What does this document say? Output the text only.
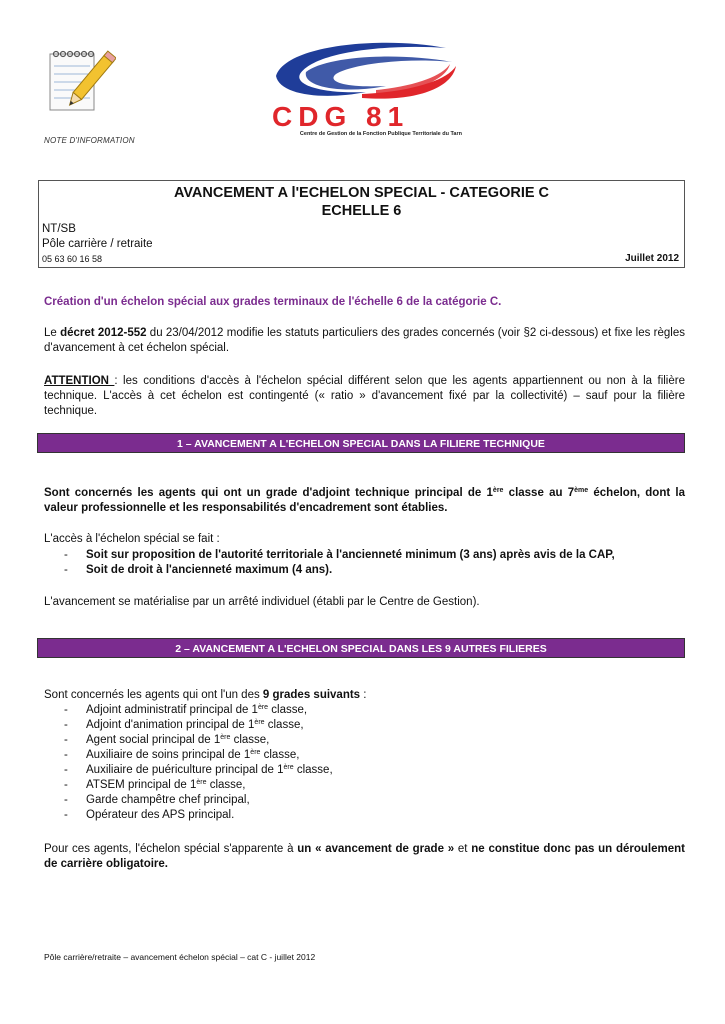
NOTE D'INFORMATION
CDG 81
Centre de Gestion de la Fonction Publique Territoriale du Tarn
AVANCEMENT A l'ECHELON SPECIAL - CATEGORIE C
ECHELLE 6
NT/SB
Pôle carrière / retraite
05 63 60 16 58	Juillet 2012
Création d'un échelon spécial aux grades terminaux de l'échelle 6 de la catégorie C.
Le décret 2012-552 du 23/04/2012 modifie les statuts particuliers des grades concernés (voir §2 ci-dessous) et fixe les règles d'avancement à cet échelon spécial.
ATTENTION : les conditions d'accès à l'échelon spécial différent selon que les agents appartiennent ou non à la filière technique. L'accès à cet échelon est contingenté (« ratio » d'avancement fixé par la collectivité) – sauf pour la filière technique.
1 – AVANCEMENT A L'ECHELON SPECIAL DANS LA FILIERE TECHNIQUE
Sont concernés les agents qui ont un grade d'adjoint technique principal de 1ère classe au 7ème échelon, dont la valeur professionnelle et les responsabilités d'encadrement sont établies.
L'accès à l'échelon spécial se fait :
- Soit sur proposition de l'autorité territoriale à l'ancienneté minimum (3 ans) après avis de la CAP,
- Soit de droit à l'ancienneté maximum (4 ans).
L'avancement se matérialise par un arrêté individuel (établi par le Centre de Gestion).
2 – AVANCEMENT A L'ECHELON SPECIAL DANS LES 9 AUTRES FILIERES
Sont concernés les agents qui ont l'un des 9 grades suivants :
- Adjoint administratif principal de 1ère classe,
- Adjoint d'animation principal de 1ère classe,
- Agent social principal de 1ère classe,
- Auxiliaire de soins principal de 1ère classe,
- Auxiliaire de puériculture principal de 1ère classe,
- ATSEM principal de 1ère classe,
- Garde champêtre chef principal,
- Opérateur des APS principal.
Pour ces agents, l'échelon spécial s'apparente à un « avancement de grade » et ne constitue donc pas un déroulement de carrière obligatoire.
Pôle carrière/retraite – avancement échelon spécial – cat C - juillet 2012
